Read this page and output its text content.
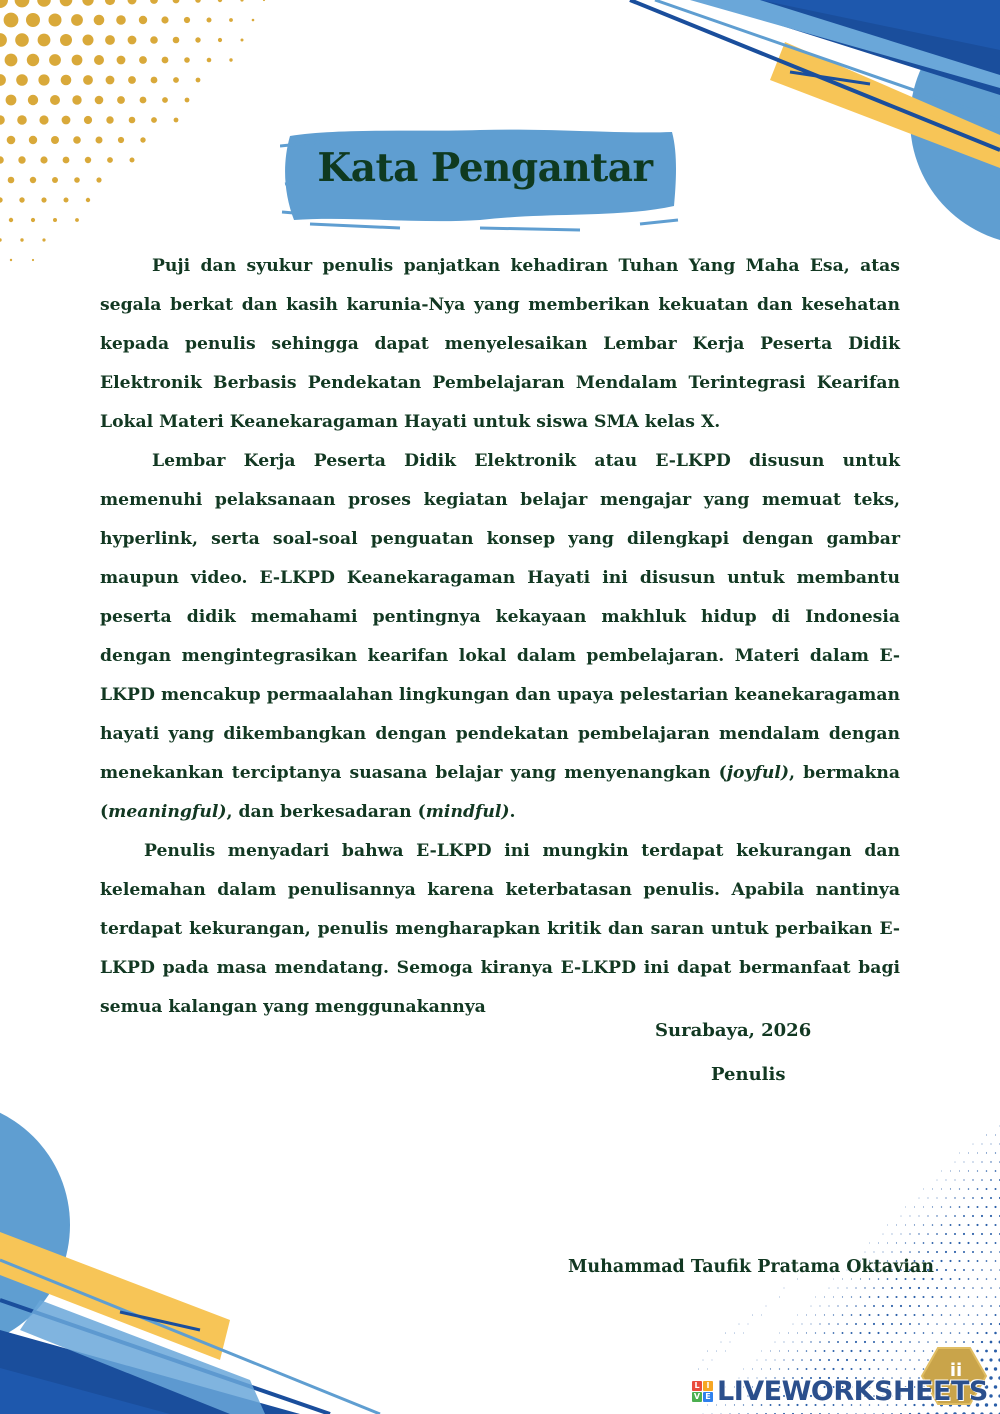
Kata Pengantar

Puji dan syukur penulis panjatkan kehadiran Tuhan Yang Maha Esa, atas segala berkat dan kasih karunia-Nya yang memberikan kekuatan dan kesehatan kepada penulis sehingga dapat menyelesaikan Lembar Kerja Peserta Didik Elektronik Berbasis Pendekatan Pembelajaran Mendalam Terintegrasi Kearifan Lokal Materi Keanekaragaman Hayati untuk siswa SMA kelas X.

Lembar Kerja Peserta Didik Elektronik atau E-LKPD disusun untuk memenuhi pelaksanaan proses kegiatan belajar mengajar yang memuat teks, hyperlink, serta soal-soal penguatan konsep yang dilengkapi dengan gambar maupun video. E-LKPD Keanekaragaman Hayati ini disusun untuk membantu peserta didik memahami pentingnya kekayaan makhluk hidup di Indonesia dengan mengintegrasikan kearifan lokal dalam pembelajaran. Materi dalam E-LKPD mencakup permaalahan lingkungan dan upaya pelestarian keanekaragaman hayati yang dikembangkan dengan pendekatan pembelajaran mendalam dengan menekankan terciptanya suasana belajar yang menyenangkan (joyful), bermakna (meaningful), dan berkesadaran (mindful).

Penulis menyadari bahwa E-LKPD ini mungkin terdapat kekurangan dan kelemahan dalam penulisannya karena keterbatasan penulis. Apabila nantinya terdapat kekurangan, penulis mengharapkan kritik dan saran untuk perbaikan E-LKPD pada masa mendatang. Semoga kiranya E-LKPD ini dapat bermanfaat bagi semua kalangan yang menggunakannya

Surabaya, 2026
Penulis
Muhammad Taufik Pratama Oktavian
ii
L I
V E LIVEWORKSHEETS
